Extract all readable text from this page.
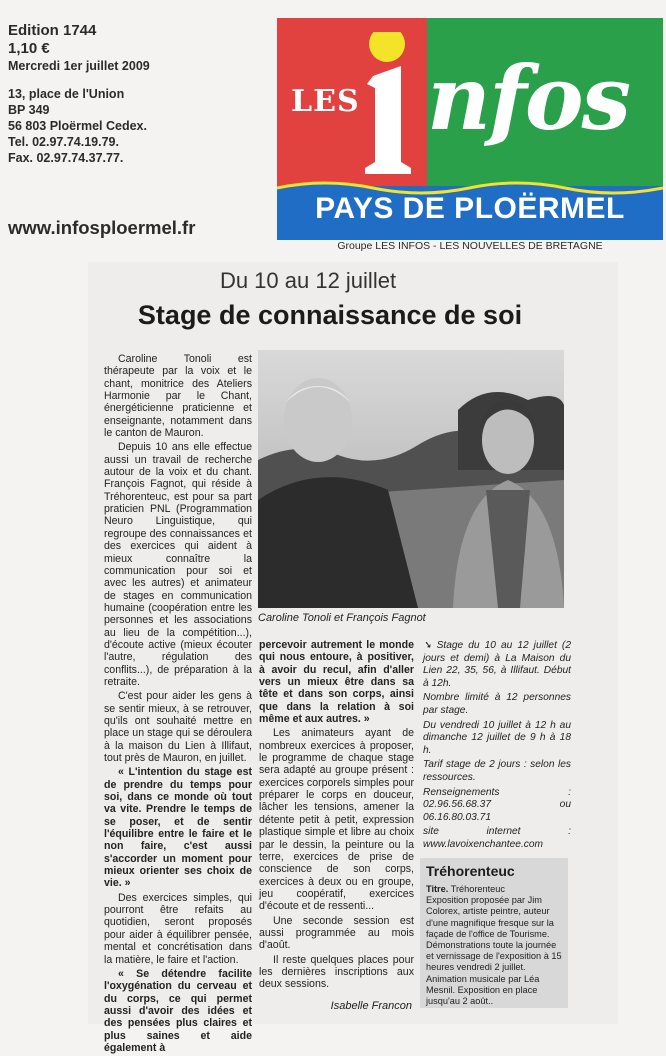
Edition 1744
1,10 €
Mercredi 1er juillet 2009
13, place de l'Union
BP 349
56 803 Ploërmel Cedex.
Tel. 02.97.74.19.79.
Fax. 02.97.74.37.77.
www.infosploermel.fr
LES nfos
PAYS DE PLOËRMEL
Groupe LES INFOS - LES NOUVELLES DE BRETAGNE
Du 10 au 12 juillet
Stage de connaissance de soi

Caroline Tonoli est thérapeute par la voix et le chant, monitrice des Ateliers Harmonie par le Chant, énergéticienne praticienne et enseignante, notamment dans le canton de Mauron.

Depuis 10 ans elle effectue aussi un travail de recherche autour de la voix et du chant. François Fagnot, qui réside à Tréhorenteuc, est pour sa part praticien PNL (Programmation Neuro Linguistique, qui regroupe des connaissances et des exercices qui aident à mieux connaître la communication pour soi et avec les autres) et animateur de stages en communication humaine (coopération entre les personnes et les associations au lieu de la compétition...), d'écoute active (mieux écouter l'autre, régulation des conflits...), de préparation à la retraite.

C'est pour aider les gens à se sentir mieux, à se retrouver, qu'ils ont souhaité mettre en place un stage qui se déroulera à la maison du Lien à Illifaut, tout près de Mauron, en juillet.

« L'intention du stage est de prendre du temps pour soi, dans ce monde où tout va vite. Prendre le temps de se poser, et de sentir l'équilibre entre le faire et le non faire, c'est aussi s'accorder un moment pour mieux orienter ses choix de vie. »

Des exercices simples, qui pourront être refaits au quotidien, seront proposés pour aider à équilibrer pensée, mental et concrétisation dans la matière, le faire et l'action.

« Se détendre facilite l'oxygénation du cerveau et du corps, ce qui permet aussi d'avoir des idées et des pensées plus claires et plus saines et aide également à

Caroline Tonoli et François Fagnot

percevoir autrement le monde qui nous entoure, à positiver, à avoir du recul, afin d'aller vers un mieux être dans sa tête et dans son corps, ainsi que dans la relation à soi même et aux autres. »

Les animateurs ayant de nombreux exercices à proposer, le programme de chaque stage sera adapté au groupe présent : exercices corporels simples pour préparer le corps en douceur, lâcher les tensions, amener la détente petit à petit, expression plastique simple et libre au choix par le dessin, la peinture ou la terre, exercices de prise de conscience de son corps, exercices à deux ou en groupe, jeu coopératif, exercices d'écoute et de ressenti...

Une seconde session est aussi programmée au mois d'août.

Il reste quelques places pour les dernières inscriptions aux deux sessions.

Isabelle Francon

➘ Stage du 10 au 12 juillet (2 jours et demi) à La Maison du Lien 22, 35, 56, à Illifaut. Début à 12h.

Nombre limité à 12 personnes par stage.

Du vendredi 10 juillet à 12 h au dimanche 12 juillet de 9 h à 18 h.

Tarif stage de 2 jours : selon les ressources.

Renseignements : 02.96.56.68.37 ou 06.16.80.03.71

site internet : www.lavoixenchantee.com

Tréhorenteuc

Titre. Tréhorenteuc

Exposition proposée par Jim Colorex, artiste peintre, auteur d'une magnifique fresque sur la façade de l'office de Tourisme. Démonstrations toute la journée et vernissage de l'exposition à 15 heures vendredi 2 juillet. Animation musicale par Léa Mesnil. Exposition en place jusqu'au 2 août..
